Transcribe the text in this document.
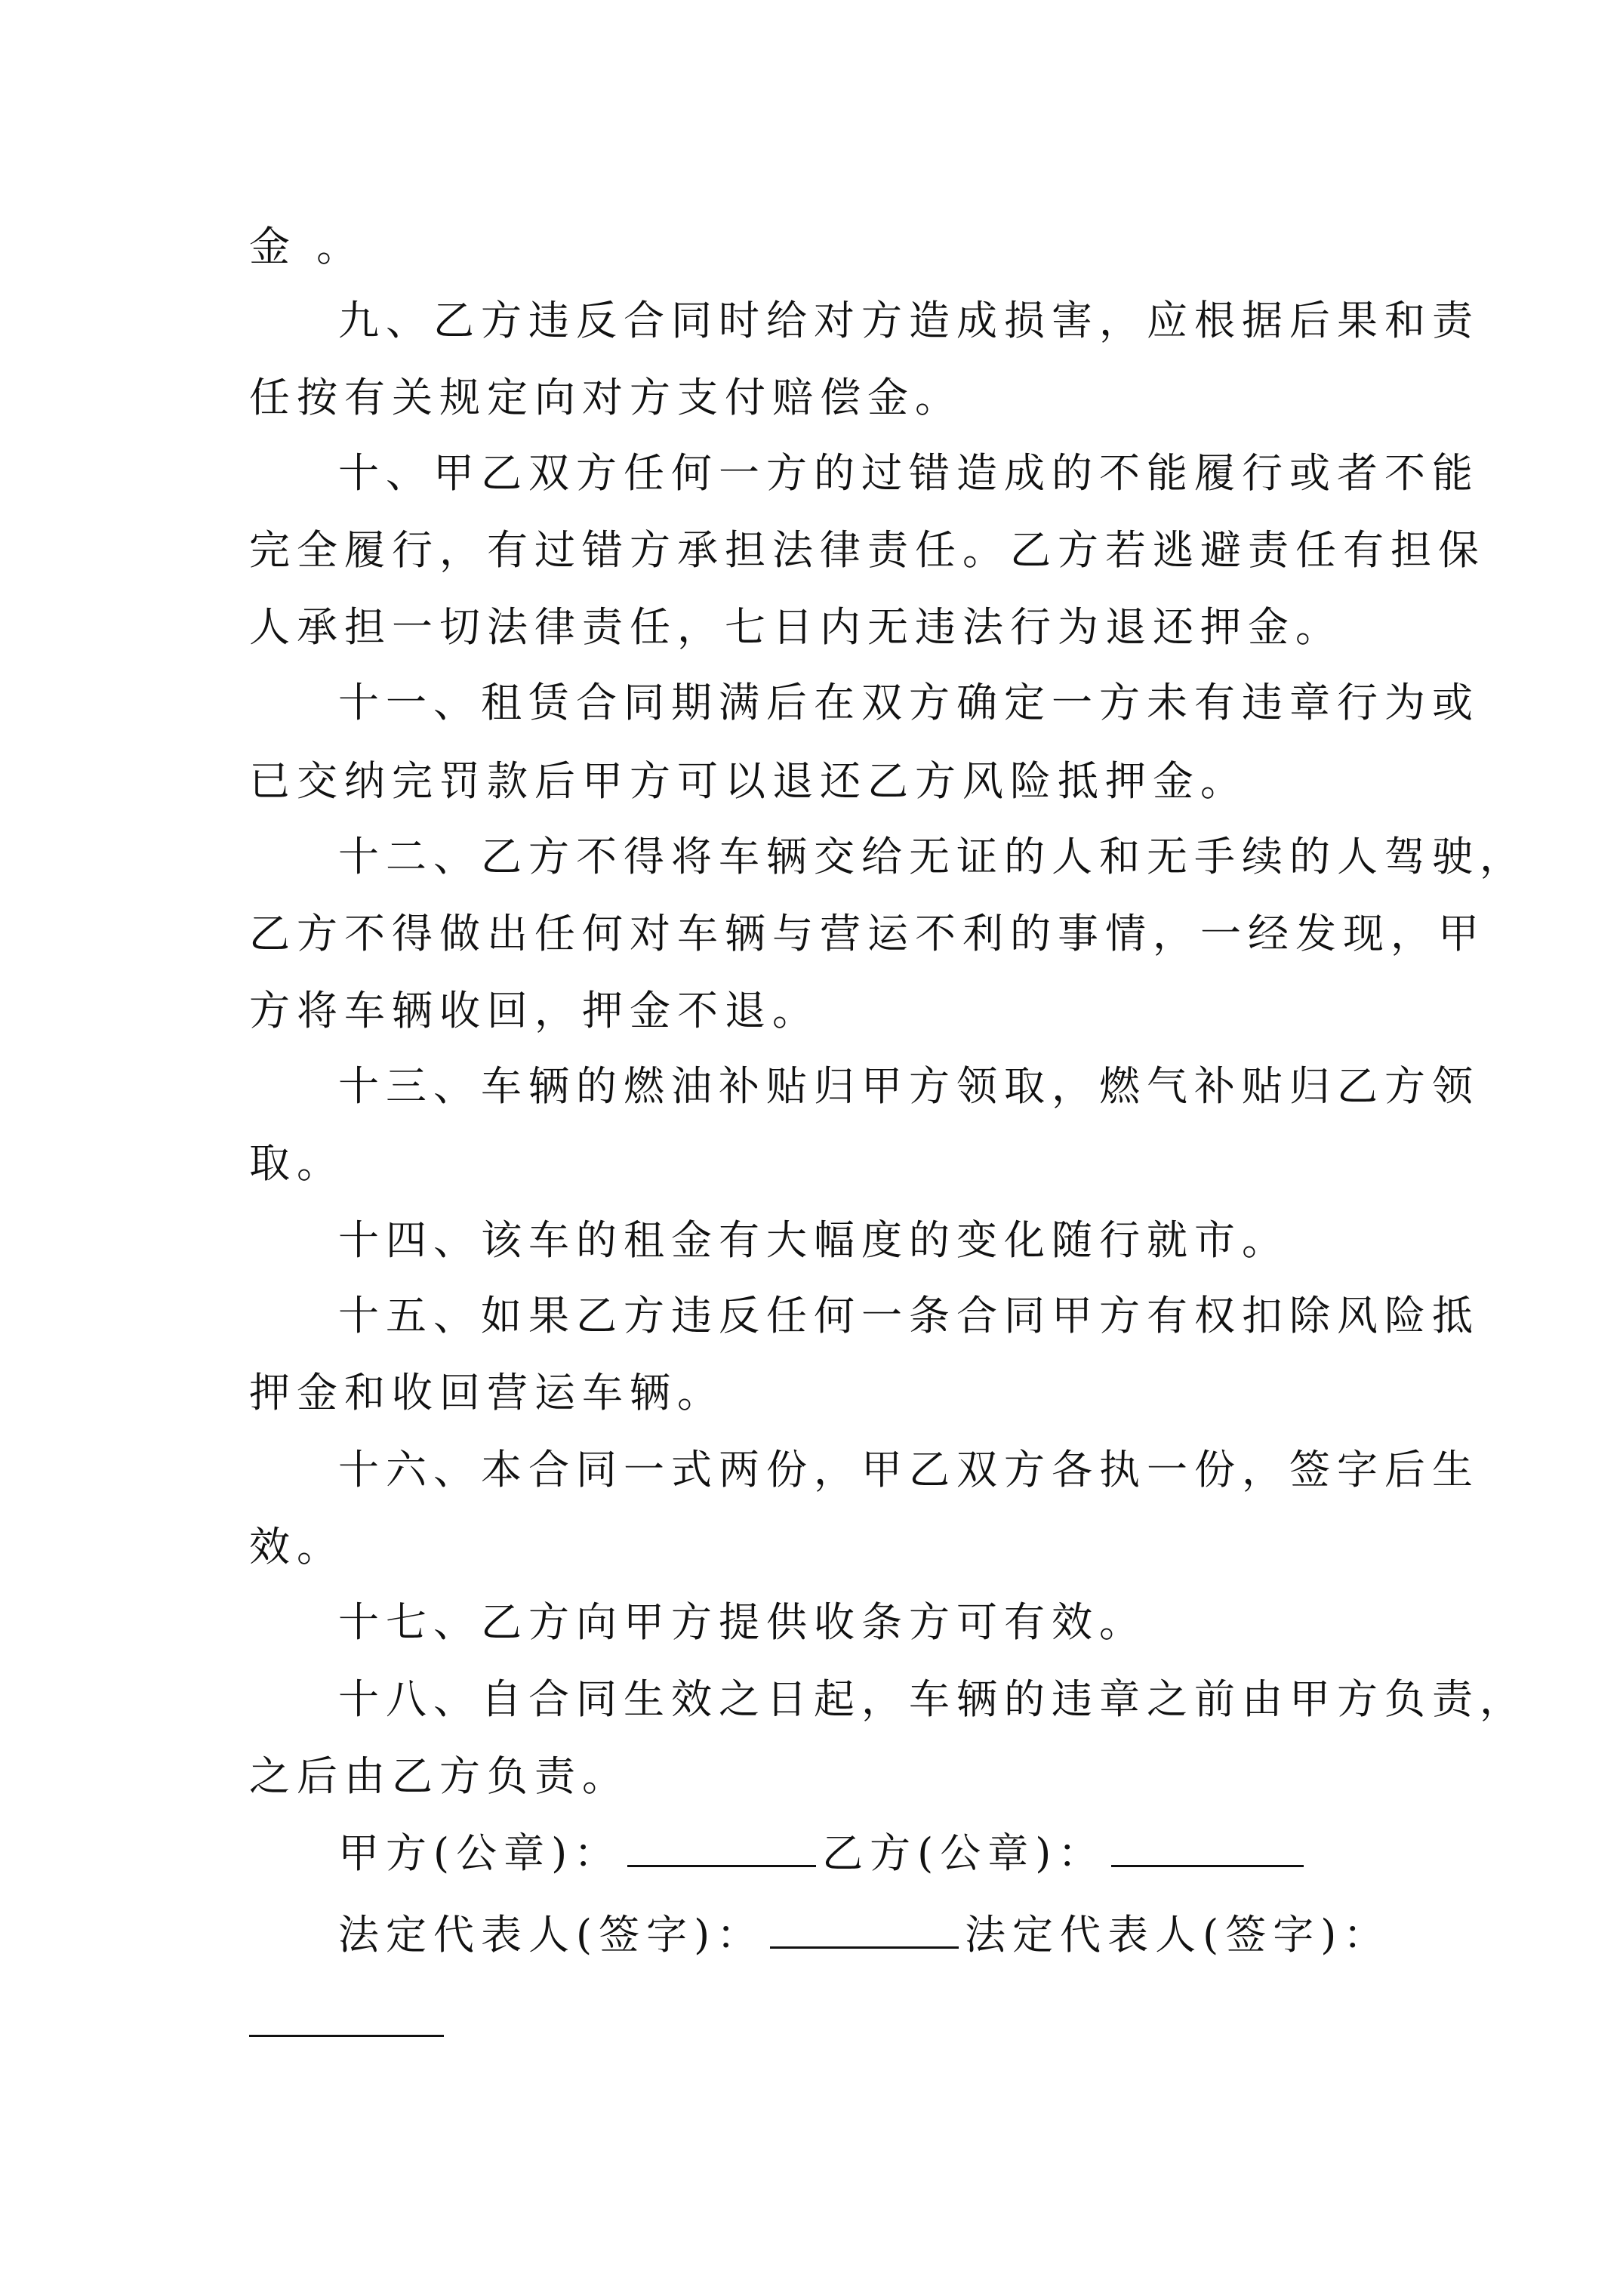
金 。
九、乙方违反合同时给对方造成损害，应根据后果和责
任按有关规定向对方支付赔偿金。
十、甲乙双方任何一方的过错造成的不能履行或者不能
完全履行，有过错方承担法律责任。乙方若逃避责任有担保
人承担一切法律责任，七日内无违法行为退还押金。
十一、租赁合同期满后在双方确定一方未有违章行为或
已交纳完罚款后甲方可以退还乙方风险抵押金。
十二、乙方不得将车辆交给无证的人和无手续的人驾驶，
乙方不得做出任何对车辆与营运不利的事情，一经发现，甲
方将车辆收回，押金不退。
十三、车辆的燃油补贴归甲方领取，燃气补贴归乙方领
取。
十四、该车的租金有大幅度的变化随行就市。
十五、如果乙方违反任何一条合同甲方有权扣除风险抵
押金和收回营运车辆。
十六、本合同一式两份，甲乙双方各执一份，签字后生
效。
十七、乙方向甲方提供收条方可有效。
十八、自合同生效之日起，车辆的违章之前由甲方负责，
之后由乙方负责。
甲方(公章)：	乙方(公章)：
法定代表人(签字)：	法定代表人(签字)：
